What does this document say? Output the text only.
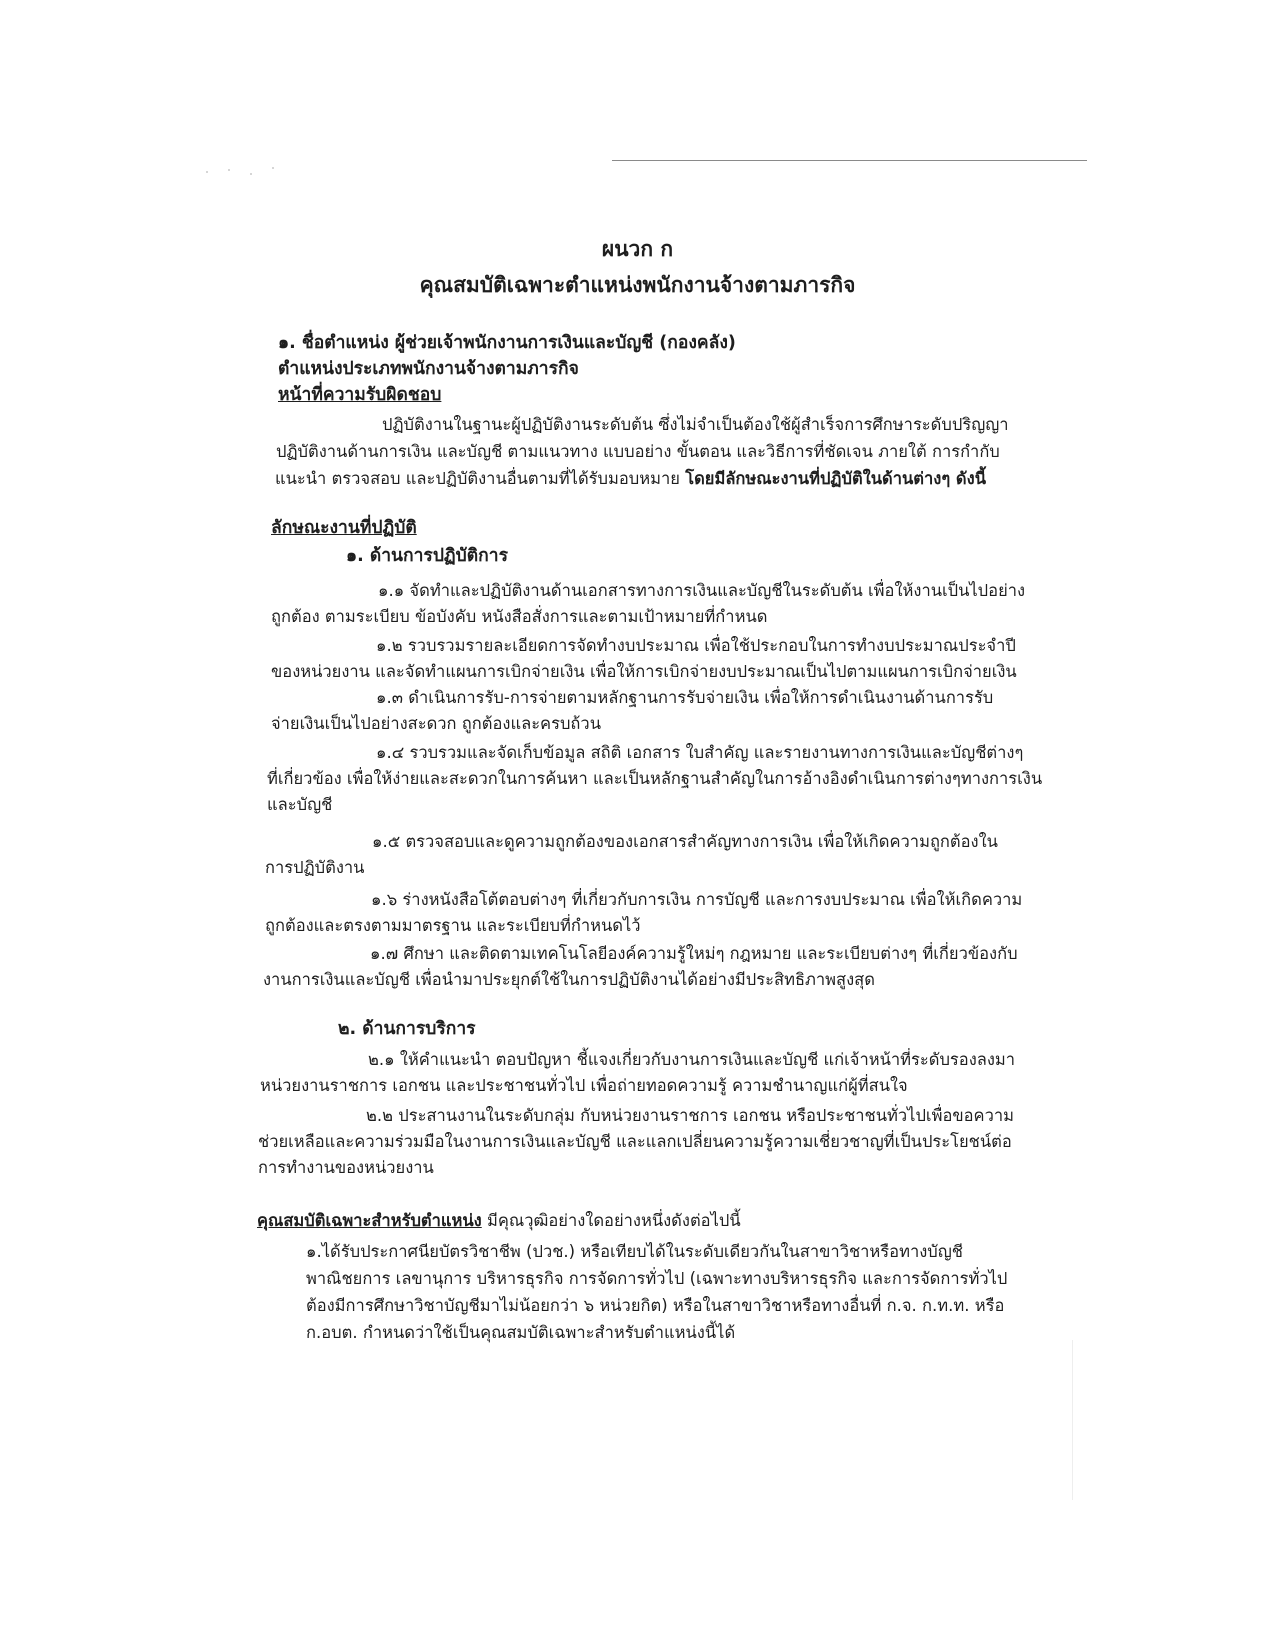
ผนวก ก
คุณสมบัติเฉพาะตำแหน่งพนักงานจ้างตามภารกิจ
๑. ชื่อตำแหน่ง ผู้ช่วยเจ้าพนักงานการเงินและบัญชี (กองคลัง)
ตำแหน่งประเภทพนักงานจ้างตามภารกิจ
หน้าที่ความรับผิดชอบ
ปฏิบัติงานในฐานะผู้ปฏิบัติงานระดับต้น ซึ่งไม่จำเป็นต้องใช้ผู้สำเร็จการศึกษาระดับปริญญา
ปฏิบัติงานด้านการเงิน และบัญชี ตามแนวทาง แบบอย่าง ขั้นตอน และวิธีการที่ชัดเจน ภายใต้ การกำกับ
แนะนำ ตรวจสอบ และปฏิบัติงานอื่นตามที่ได้รับมอบหมาย โดยมีลักษณะงานที่ปฏิบัติในด้านต่างๆ ดังนี้
ลักษณะงานที่ปฏิบัติ
๑. ด้านการปฏิบัติการ
๑.๑ จัดทำและปฏิบัติงานด้านเอกสารทางการเงินและบัญชีในระดับต้น เพื่อให้งานเป็นไปอย่าง
ถูกต้อง ตามระเบียบ ข้อบังคับ หนังสือสั่งการและตามเป้าหมายที่กำหนด
๑.๒ รวบรวมรายละเอียดการจัดทำงบประมาณ เพื่อใช้ประกอบในการทำงบประมาณประจำปี
ของหน่วยงาน และจัดทำแผนการเบิกจ่ายเงิน เพื่อให้การเบิกจ่ายงบประมาณเป็นไปตามแผนการเบิกจ่ายเงิน
๑.๓ ดำเนินการรับ-การจ่ายตามหลักฐานการรับจ่ายเงิน เพื่อให้การดำเนินงานด้านการรับ
จ่ายเงินเป็นไปอย่างสะดวก ถูกต้องและครบถ้วน
๑.๔ รวบรวมและจัดเก็บข้อมูล สถิติ เอกสาร ใบสำคัญ และรายงานทางการเงินและบัญชีต่างๆ
ที่เกี่ยวข้อง เพื่อให้ง่ายและสะดวกในการค้นหา และเป็นหลักฐานสำคัญในการอ้างอิงดำเนินการต่างๆทางการเงิน
และบัญชี
๑.๕ ตรวจสอบและดูความถูกต้องของเอกสารสำคัญทางการเงิน เพื่อให้เกิดความถูกต้องใน
การปฏิบัติงาน
๑.๖ ร่างหนังสือโต้ตอบต่างๆ ที่เกี่ยวกับการเงิน การบัญชี และการงบประมาณ เพื่อให้เกิดความ
ถูกต้องและตรงตามมาตรฐาน และระเบียบที่กำหนดไว้
๑.๗ ศึกษา และติดตามเทคโนโลยีองค์ความรู้ใหม่ๆ กฎหมาย และระเบียบต่างๆ ที่เกี่ยวข้องกับ
งานการเงินและบัญชี เพื่อนำมาประยุกต์ใช้ในการปฏิบัติงานได้อย่างมีประสิทธิภาพสูงสุด
๒. ด้านการบริการ
๒.๑ ให้คำแนะนำ ตอบปัญหา ชี้แจงเกี่ยวกับงานการเงินและบัญชี แก่เจ้าหน้าที่ระดับรองลงมา
หน่วยงานราชการ เอกชน และประชาชนทั่วไป เพื่อถ่ายทอดความรู้ ความชำนาญแก่ผู้ที่สนใจ
๒.๒ ประสานงานในระดับกลุ่ม กับหน่วยงานราชการ เอกชน หรือประชาชนทั่วไปเพื่อขอความ
ช่วยเหลือและความร่วมมือในงานการเงินและบัญชี และแลกเปลี่ยนความรู้ความเชี่ยวชาญที่เป็นประโยชน์ต่อ
การทำงานของหน่วยงาน
คุณสมบัติเฉพาะสำหรับตำแหน่ง มีคุณวุฒิอย่างใดอย่างหนึ่งดังต่อไปนี้
๑.ได้รับประกาศนียบัตรวิชาชีพ (ปวช.) หรือเทียบได้ในระดับเดียวกันในสาขาวิชาหรือทางบัญชี
พาณิชยการ เลขานุการ บริหารธุรกิจ การจัดการทั่วไป (เฉพาะทางบริหารธุรกิจ และการจัดการทั่วไป
ต้องมีการศึกษาวิชาบัญชีมาไม่น้อยกว่า ๖ หน่วยกิต) หรือในสาขาวิชาหรือทางอื่นที่ ก.จ. ก.ท.ท. หรือ
ก.อบต. กำหนดว่าใช้เป็นคุณสมบัติเฉพาะสำหรับตำแหน่งนี้ได้
